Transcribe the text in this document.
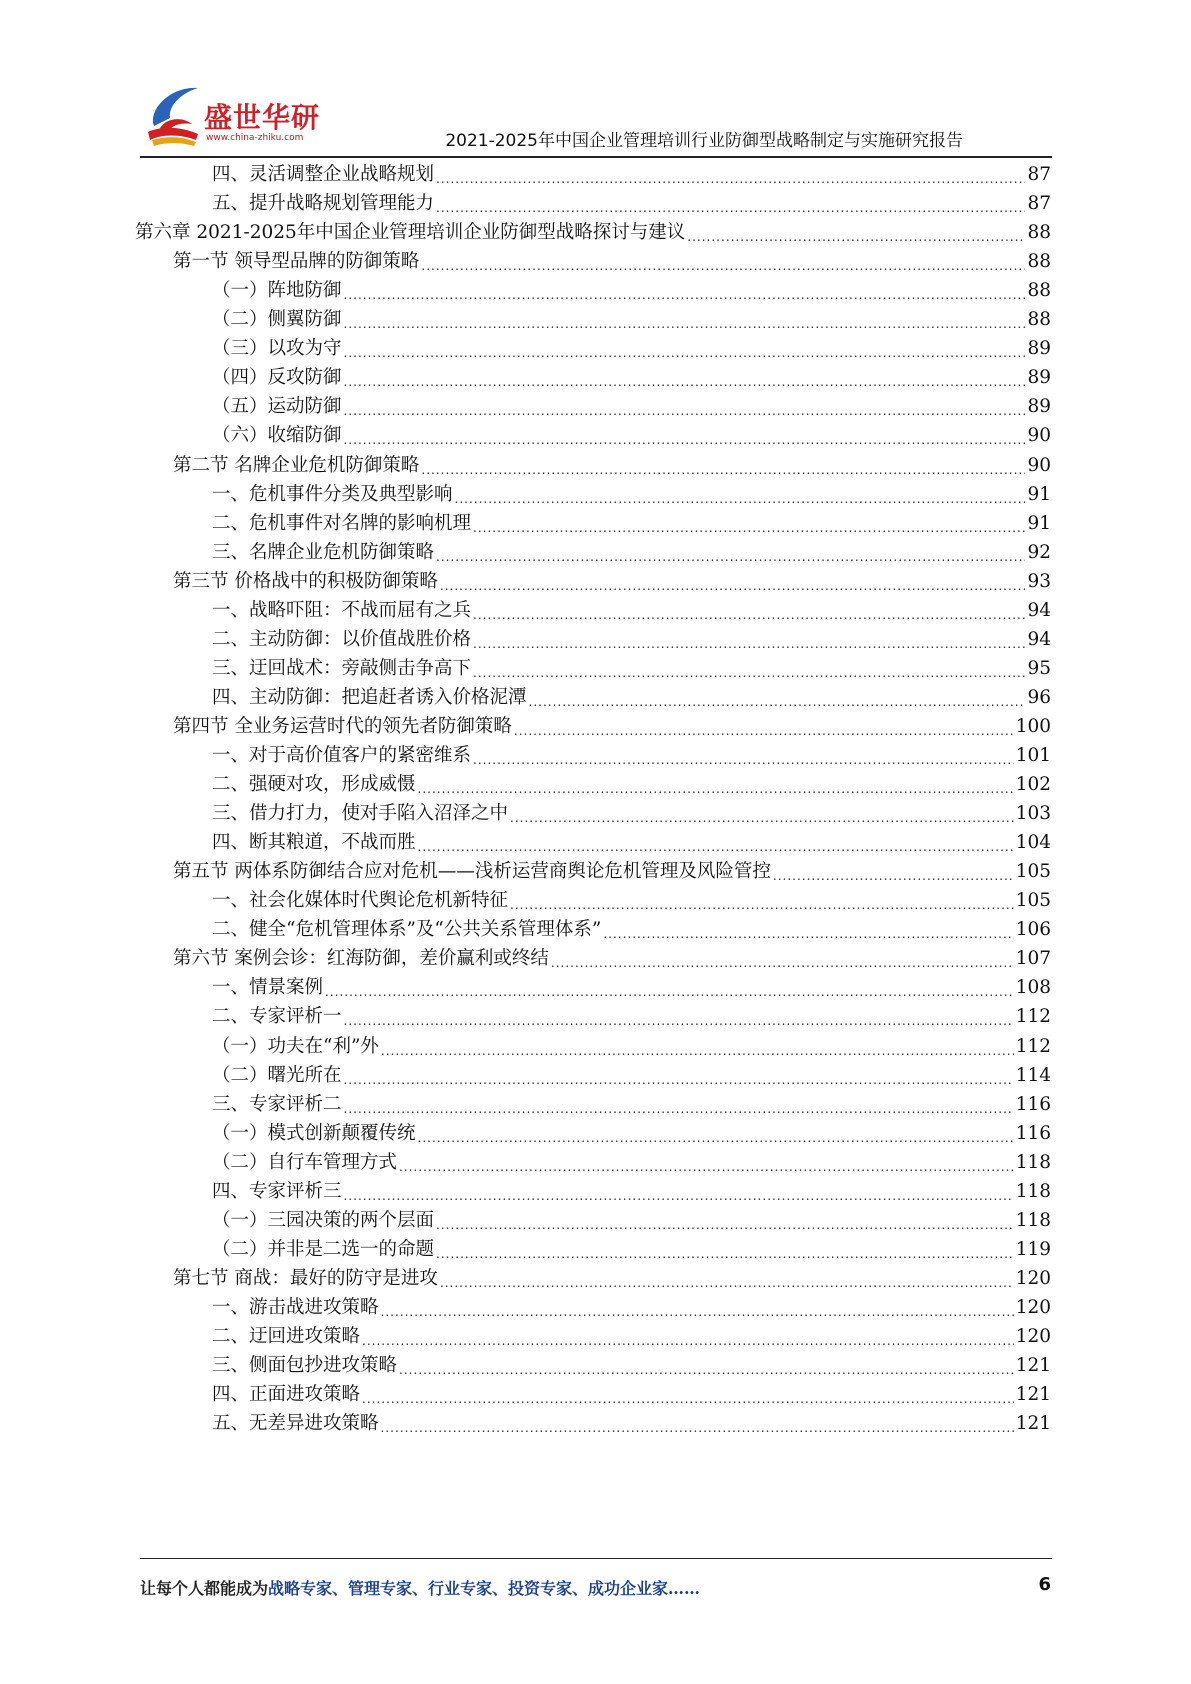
盛世华研
www.china-zhiku.com	2021-2025年中国企业管理培训行业防御型战略制定与实施研究报告
四、灵活调整企业战略规划 .....	87
五、提升战略规划管理能力 .....	87
第六章 2021-2025年中国企业管理培训企业防御型战略探讨与建议 .....	88
第一节 领导型品牌的防御策略 .....	88
（一）阵地防御 .....	88
（二）侧翼防御 .....	88
（三）以攻为守 .....	89
（四）反攻防御 .....	89
（五）运动防御 .....	89
（六）收缩防御 .....	90
第二节 名牌企业危机防御策略 .....	90
一、危机事件分类及典型影响 .....	91
二、危机事件对名牌的影响机理 .....	91
三、名牌企业危机防御策略 .....	92
第三节 价格战中的积极防御策略 .....	93
一、战略吓阻：不战而屈有之兵 .....	94
二、主动防御：以价值战胜价格 .....	94
三、迂回战术：旁敲侧击争高下 .....	95
四、主动防御：把追赶者诱入价格泥潭 .....	96
第四节 全业务运营时代的领先者防御策略 .....	100
一、对于高价值客户的紧密维系 .....	101
二、强硬对攻，形成威慑 .....	102
三、借力打力，使对手陷入沼泽之中 .....	103
四、断其粮道，不战而胜 .....	104
第五节 两体系防御结合应对危机——浅析运营商舆论危机管理及风险管控 .....	105
一、社会化媒体时代舆论危机新特征 .....	105
二、健全“危机管理体系”及“公共关系管理体系” .....	106
第六节 案例会诊：红海防御，差价赢利或终结 .....	107
一、情景案例 .....	108
二、专家评析一 .....	112
（一）功夫在“利”外 .....	112
（二）曙光所在 .....	114
三、专家评析二 .....	116
（一）模式创新颠覆传统 .....	116
（二）自行车管理方式 .....	118
四、专家评析三 .....	118
（一）三园决策的两个层面 .....	118
（二）并非是二选一的命题 .....	119
第七节 商战：最好的防守是进攻 .....	120
一、游击战进攻策略 .....	120
二、迂回进攻策略 .....	120
三、侧面包抄进攻策略 .....	121
四、正面进攻策略 .....	121
五、无差异进攻策略 .....	121
让每个人都能成为战略专家、管理专家、行业专家、投资专家、成功企业家……	6
